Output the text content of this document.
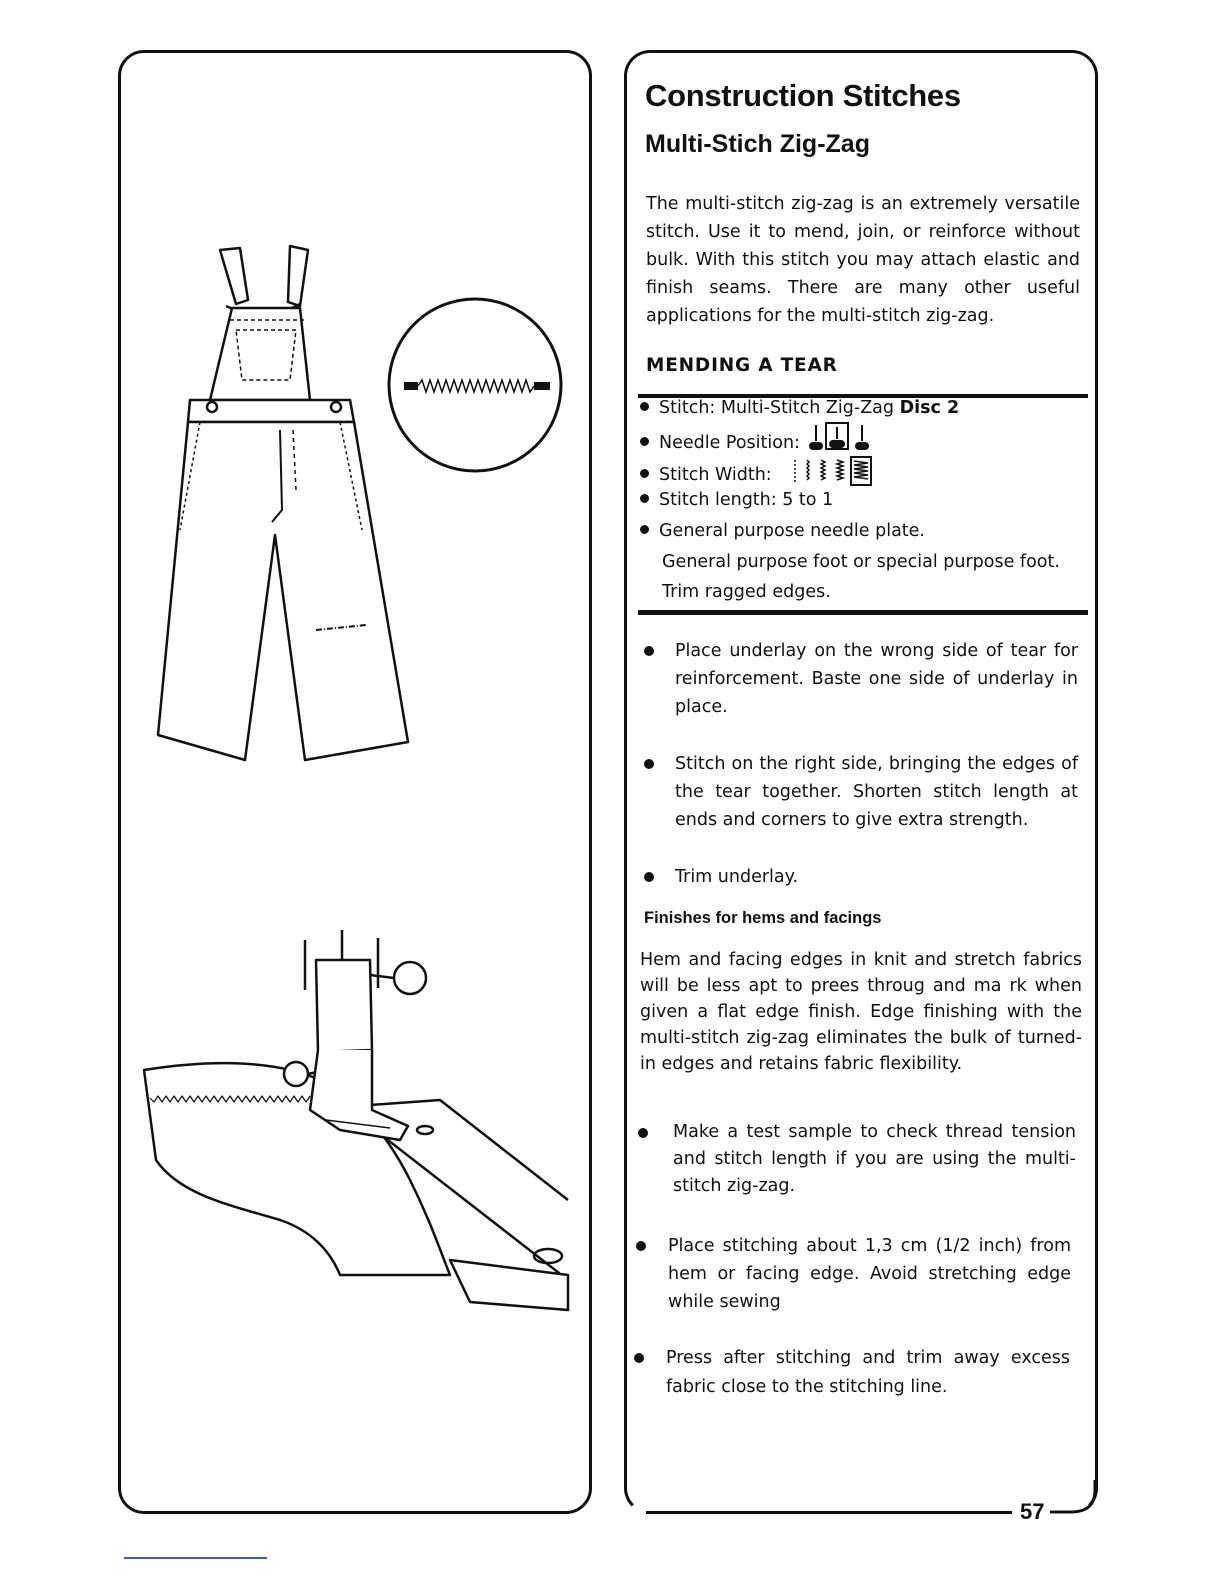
Construction Stitches
Multi-Stich Zig-Zag
The multi-stitch zig-zag is an extremely versatile stitch. Use it to mend, join, or reinforce without bulk. With this stitch you may attach elastic and finish seams. There are many other useful applications for the multi-stitch zig-zag.
MENDING A TEAR
Stitch: Multi-Stitch Zig-Zag Disc 2
Needle Position:
Stitch Width:
Stitch length: 5 to 1
General purpose needle plate.
General purpose foot or special purpose foot.
Trim ragged edges.
Place underlay on the wrong side of tear for reinforcement. Baste one side of underlay in place.
Stitch on the right side, bringing the edges of the tear together. Shorten stitch length at ends and corners to give extra strength.
Trim underlay.
Finishes for hems and facings
Hem and facing edges in knit and stretch fabrics will be less apt to prees throug and ma rk when given a flat edge finish. Edge finishing with the multi-stitch zig-zag eliminates the bulk of turned-in edges and retains fabric flexibility.
Make a test sample to check thread tension and stitch length if you are using the multi-stitch zig-zag.
Place stitching about 1,3 cm (1/2 inch) from hem or facing edge. Avoid stretching edge while sewing
Press after stitching and trim away excess fabric close to the stitching line.
57
